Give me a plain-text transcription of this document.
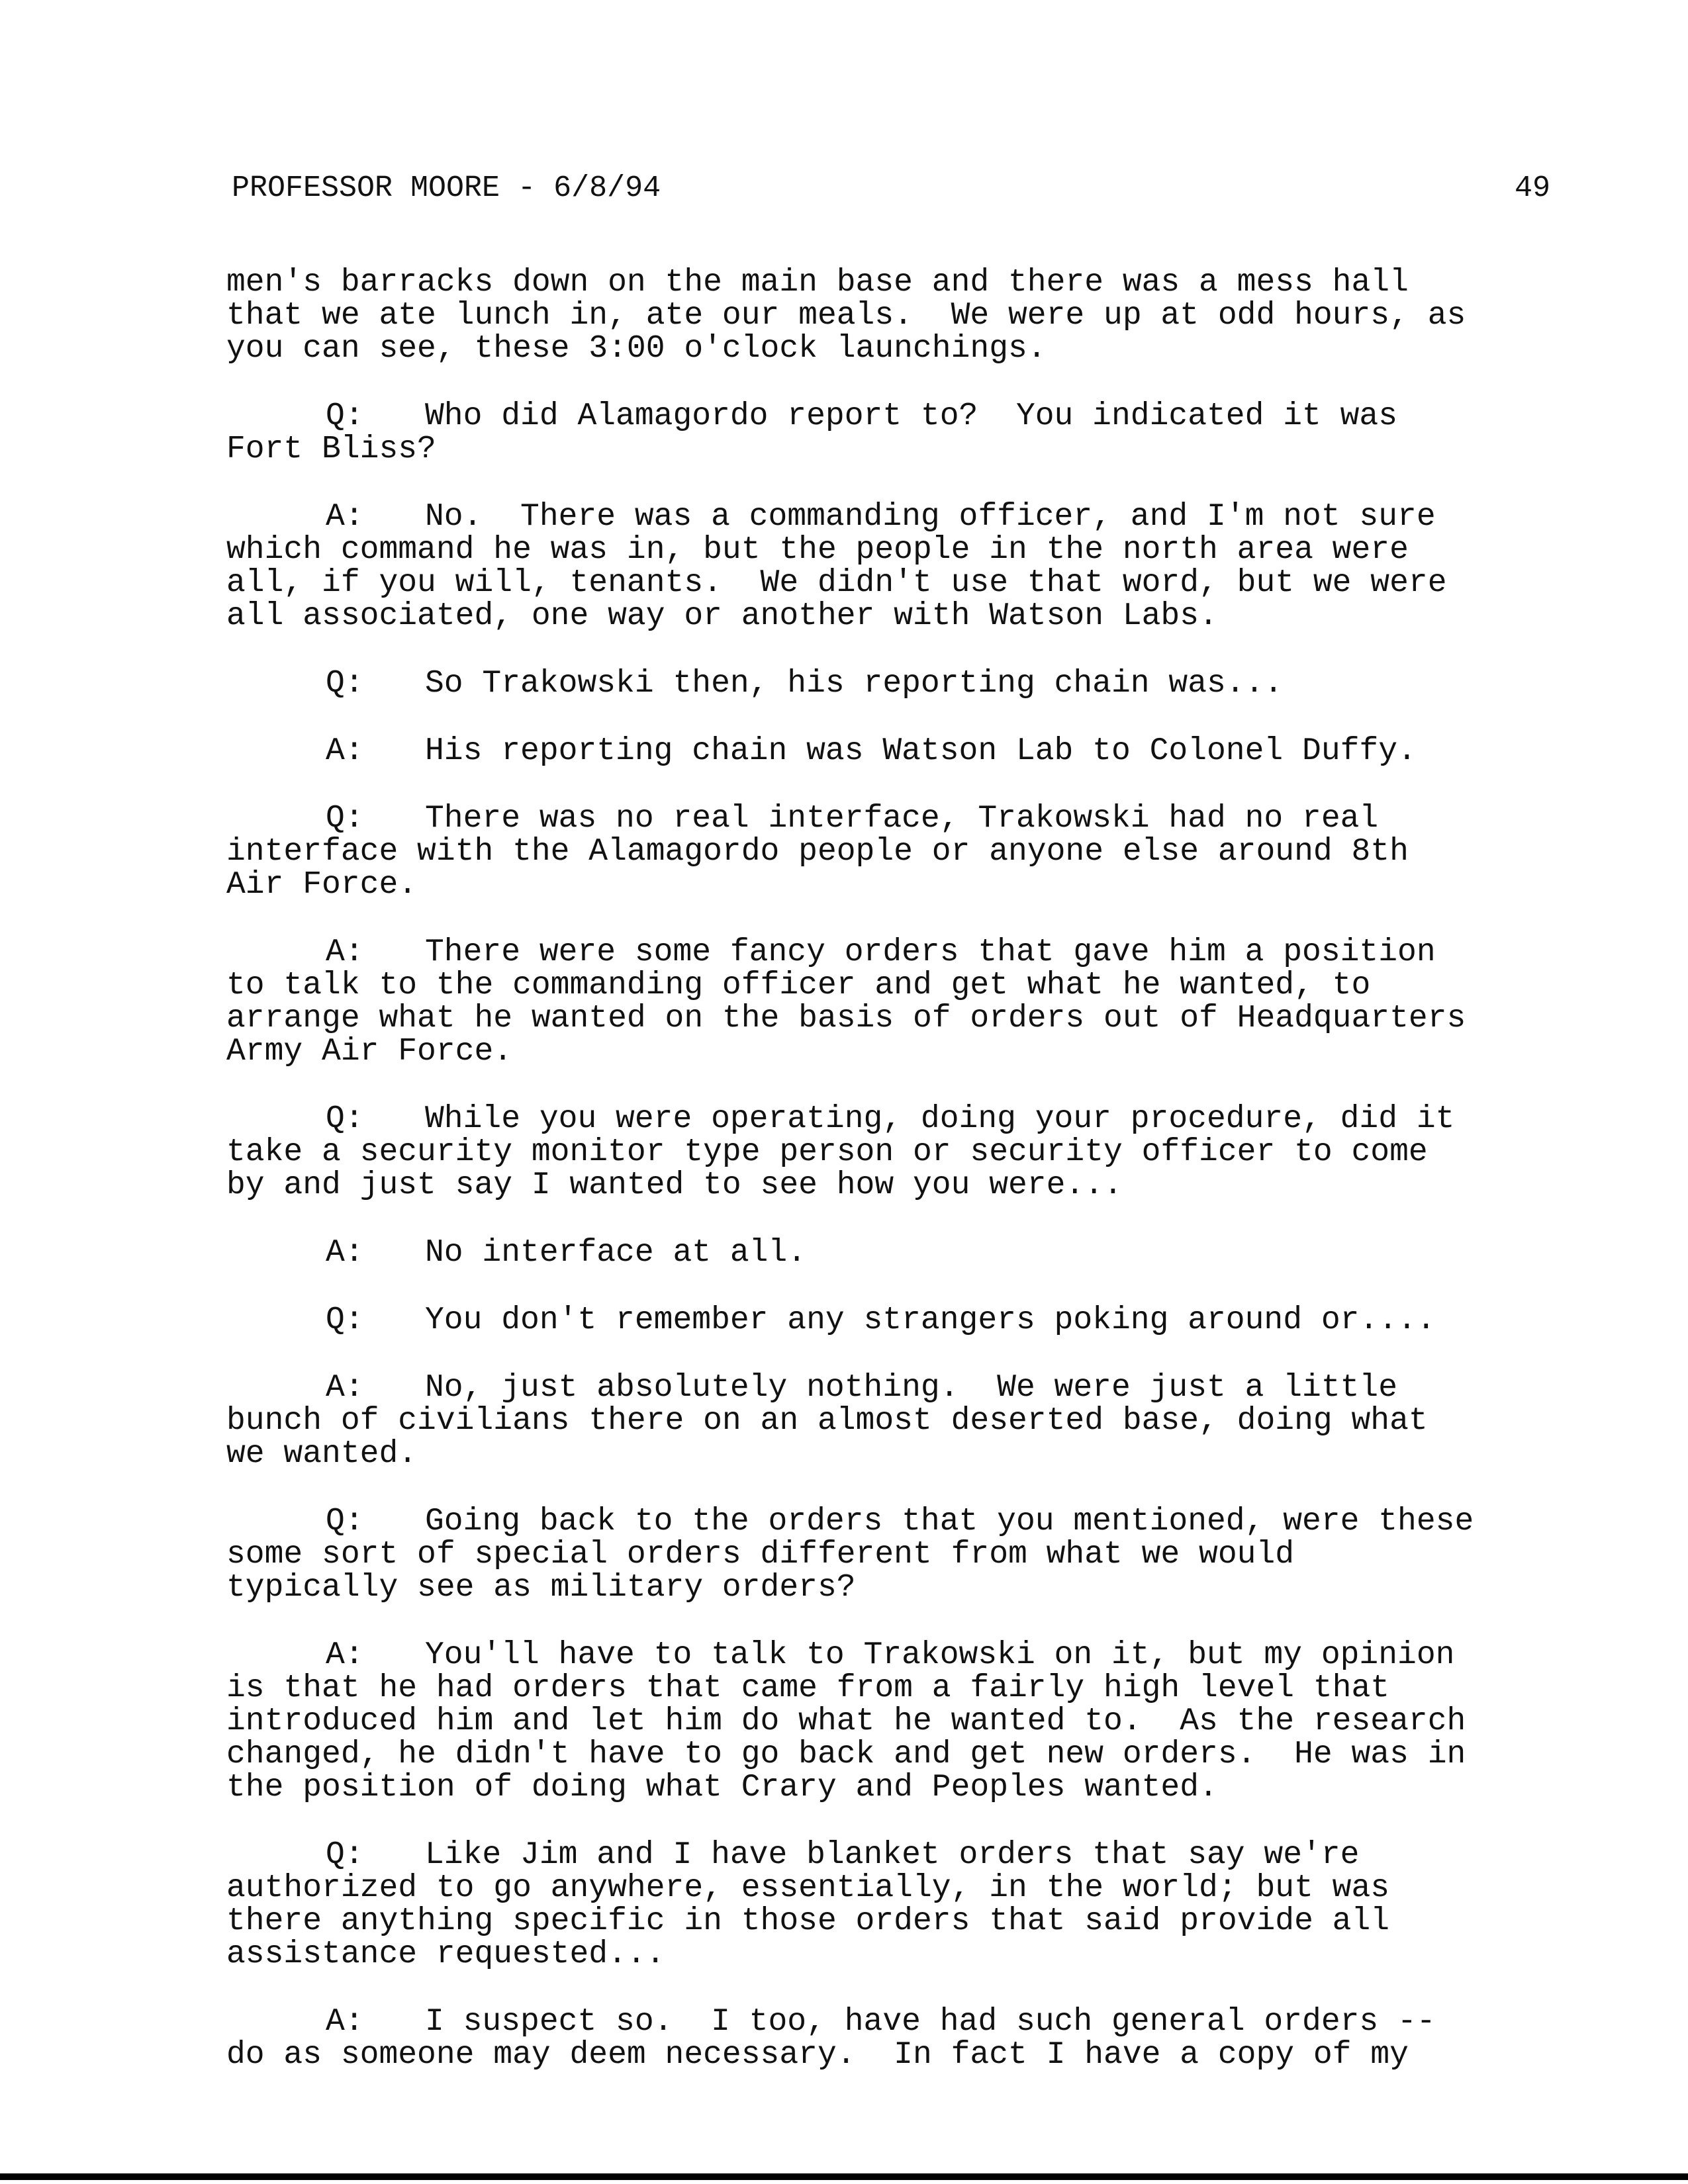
PROFESSOR MOORE - 6/8/94	49
men's barracks down on the main base and there was a mess hall
that we ate lunch in, ate our meals.  We were up at odd hours, as
you can see, these 3:00 o'clock launchings.
Q: Who did Alamagordo report to?  You indicated it was
Fort Bliss?
A: No.  There was a commanding officer, and I'm not sure
which command he was in, but the people in the north area were
all, if you will, tenants.  We didn't use that word, but we were
all associated, one way or another with Watson Labs.
Q: So Trakowski then, his reporting chain was...
A: His reporting chain was Watson Lab to Colonel Duffy.
Q: There was no real interface, Trakowski had no real
interface with the Alamagordo people or anyone else around 8th
Air Force.
A: There were some fancy orders that gave him a position
to talk to the commanding officer and get what he wanted, to
arrange what he wanted on the basis of orders out of Headquarters
Army Air Force.
Q: While you were operating, doing your procedure, did it
take a security monitor type person or security officer to come
by and just say I wanted to see how you were...
A: No interface at all.
Q: You don't remember any strangers poking around or....
A: No, just absolutely nothing.  We were just a little
bunch of civilians there on an almost deserted base, doing what
we wanted.
Q: Going back to the orders that you mentioned, were these
some sort of special orders different from what we would
typically see as military orders?
A: You'll have to talk to Trakowski on it, but my opinion
is that he had orders that came from a fairly high level that
introduced him and let him do what he wanted to.  As the research
changed, he didn't have to go back and get new orders.  He was in
the position of doing what Crary and Peoples wanted.
Q: Like Jim and I have blanket orders that say we're
authorized to go anywhere, essentially, in the world; but was
there anything specific in those orders that said provide all
assistance requested...
A: I suspect so.  I too, have had such general orders --
do as someone may deem necessary.  In fact I have a copy of my
